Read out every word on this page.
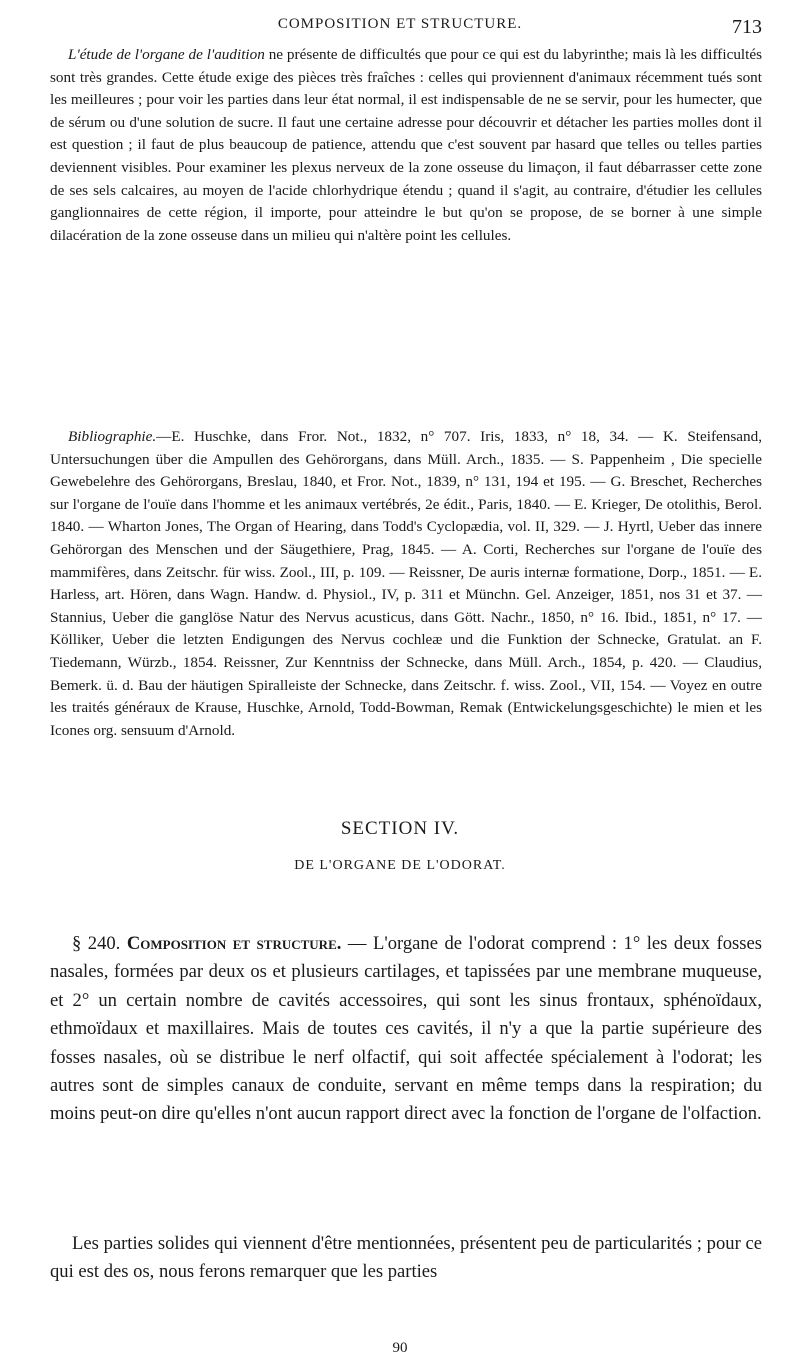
COMPOSITION ET STRUCTURE.	713

L'étude de l'organe de l'audition ne présente de difficultés que pour ce qui est du labyrinthe; mais là les difficultés sont très grandes. Cette étude exige des pièces très fraîches : celles qui proviennent d'animaux récemment tués sont les meilleures ; pour voir les parties dans leur état normal, il est indispensable de ne se servir, pour les humecter, que de sérum ou d'une solution de sucre. Il faut une certaine adresse pour découvrir et détacher les parties molles dont il est question ; il faut de plus beaucoup de patience, attendu que c'est souvent par hasard que telles ou telles parties deviennent visibles. Pour examiner les plexus nerveux de la zone osseuse du limaçon, il faut débarrasser cette zone de ses sels calcaires, au moyen de l'acide chlorhydrique étendu ; quand il s'agit, au contraire, d'étudier les cellules ganglionnaires de cette région, il importe, pour atteindre le but qu'on se propose, de se borner à une simple dilacération de la zone osseuse dans un milieu qui n'altère point les cellules.

Bibliographie.—E. Huschke, dans Fror. Not., 1832, n° 707. Iris, 1833, n° 18, 34. — K. Steifensand, Untersuchungen über die Ampullen des Gehörorgans, dans Müll. Arch., 1835. — S. Pappenheim , Die specielle Gewebelehre des Gehörorgans, Breslau, 1840, et Fror. Not., 1839, n° 131, 194 et 195. — G. Breschet, Recherches sur l'organe de l'ouïe dans l'homme et les animaux vertébrés, 2e édit., Paris, 1840. — E. Krieger, De otolithis, Berol. 1840. — Wharton Jones, The Organ of Hearing, dans Todd's Cyclopædia, vol. II, 329. — J. Hyrtl, Ueber das innere Gehörorgan des Menschen und der Säugethiere, Prag, 1845. — A. Corti, Recherches sur l'organe de l'ouïe des mammifères, dans Zeitschr. für wiss. Zool., III, p. 109. — Reissner, De auris internæ formatione, Dorp., 1851. — E. Harless, art. Hören, dans Wagn. Handw. d. Physiol., IV, p. 311 et Münchn. Gel. Anzeiger, 1851, nos 31 et 37. — Stannius, Ueber die ganglöse Natur des Nervus acusticus, dans Gött. Nachr., 1850, n° 16. Ibid., 1851, n° 17. — Kölliker, Ueber die letzten Endigungen des Nervus cochleæ und die Funktion der Schnecke, Gratulat. an F. Tiedemann, Würzb., 1854. Reissner, Zur Kenntniss der Schnecke, dans Müll. Arch., 1854, p. 420. — Claudius, Bemerk. ü. d. Bau der häutigen Spiralleiste der Schnecke, dans Zeitschr. f. wiss. Zool., VII, 154. — Voyez en outre les traités généraux de Krause, Huschke, Arnold, Todd-Bowman, Remak (Entwickelungsgeschichte) le mien et les Icones org. sensuum d'Arnold.

SECTION IV.
DE L'ORGANE DE L'ODORAT.

§ 240. Composition et structure. — L'organe de l'odorat comprend : 1° les deux fosses nasales, formées par deux os et plusieurs cartilages, et tapissées par une membrane muqueuse, et 2° un certain nombre de cavités accessoires, qui sont les sinus frontaux, sphénoïdaux, ethmoïdaux et maxillaires. Mais de toutes ces cavités, il n'y a que la partie supérieure des fosses nasales, où se distribue le nerf olfactif, qui soit affectée spécialement à l'odorat; les autres sont de simples canaux de conduite, servant en même temps dans la respiration; du moins peut-on dire qu'elles n'ont aucun rapport direct avec la fonction de l'organe de l'olfaction.

Les parties solides qui viennent d'être mentionnées, présentent peu de particularités ; pour ce qui est des os, nous ferons remarquer que les parties

90
